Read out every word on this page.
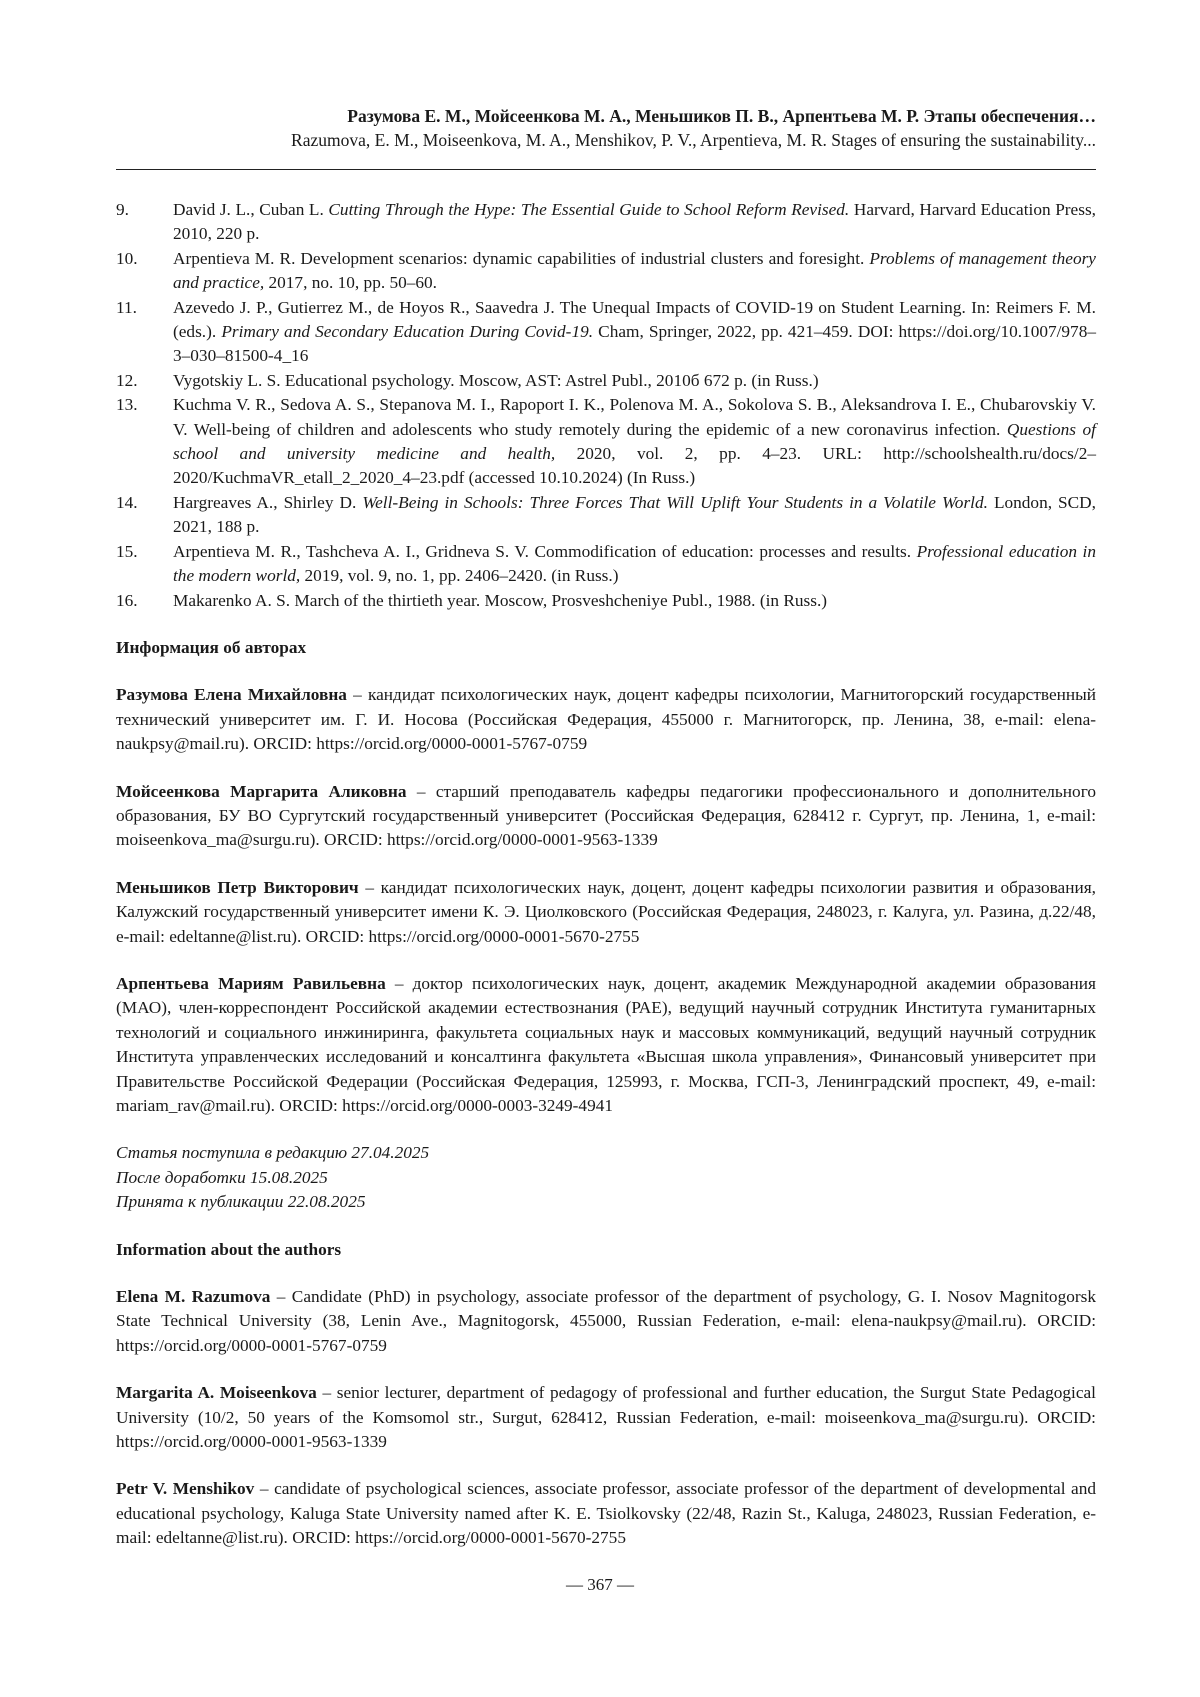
Разумова Е. М., Мойсеенкова М. А., Меньшиков П. В., Арпентьева М. Р. Этапы обеспечения…
Razumova, E. M., Moiseenkova, M. A., Menshikov, P. V., Arpentieva, M. R. Stages of ensuring the sustainability...
9.	David J. L., Cuban L. Cutting Through the Hype: The Essential Guide to School Reform Revised. Harvard, Harvard Education Press, 2010, 220 p.
10.	Arpentieva M. R. Development scenarios: dynamic capabilities of industrial clusters and foresight. Problems of management theory and practice, 2017, no. 10, pp. 50–60.
11.	Azevedo J. P., Gutierrez M., de Hoyos R., Saavedra J. The Unequal Impacts of COVID-19 on Student Learning. In: Reimers F. M. (eds.). Primary and Secondary Education During Covid-19. Cham, Springer, 2022, pp. 421–459. DOI: https://doi.org/10.1007/978–3–030–81500-4_16
12.	Vygotskiy L. S. Educational psychology. Moscow, AST: Astrel Publ., 2010б 672 p. (in Russ.)
13.	Kuchma V. R., Sedova A. S., Stepanova M. I., Rapoport I. K., Polenova M. A., Sokolova S. B., Aleksandrova I. E., Chubarovskiy V. V. Well-being of children and adolescents who study remotely during the epidemic of a new coronavirus infection. Questions of school and university medicine and health, 2020, vol. 2, pp. 4–23. URL: http://schoolshealth.ru/docs/2–2020/KuchmaVR_etall_2_2020_4–23.pdf (accessed 10.10.2024) (In Russ.)
14.	Hargreaves A., Shirley D. Well-Being in Schools: Three Forces That Will Uplift Your Students in a Volatile World. London, SCD, 2021, 188 p.
15.	Arpentieva M. R., Tashcheva A. I., Gridneva S. V. Commodification of education: processes and results. Professional education in the modern world, 2019, vol. 9, no. 1, pp. 2406–2420. (in Russ.)
16.	Makarenko A. S. March of the thirtieth year. Moscow, Prosveshcheniye Publ., 1988. (in Russ.)

Информация об авторах

Разумова Елена Михайловна – кандидат психологических наук, доцент кафедры психологии, Магнитогорский государственный технический университет им. Г. И. Носова (Российская Федерация, 455000 г. Магнитогорск, пр. Ленина, 38, e-mail: elena-naukpsy@mail.ru). ORCID: https://orcid.org/0000-0001-5767-0759

Мойсеенкова Маргарита Аликовна – старший преподаватель кафедры педагогики профессионального и дополнительного образования, БУ ВО Сургутский государственный университет (Российская Федерация, 628412 г. Сургут, пр. Ленина, 1, e-mail: moiseenkova_ma@surgu.ru). ORCID: https://orcid.org/0000-0001-9563-1339

Меньшиков Петр Викторович – кандидат психологических наук, доцент, доцент кафедры психологии развития и образования, Калужский государственный университет имени К. Э. Циолковского (Российская Федерация, 248023, г. Калуга, ул. Разина, д.22/48, e-mail: edeltanne@list.ru). ORCID: https://orcid.org/0000-0001-5670-2755

Арпентьева Мариям Равильевна – доктор психологических наук, доцент, академик Международной академии образования (МАО), член-корреспондент Российской академии естествознания (РАЕ), ведущий научный сотрудник Института гуманитарных технологий и социального инжиниринга, факультета социальных наук и массовых коммуникаций, ведущий научный сотрудник Института управленческих исследований и консалтинга факультета «Высшая школа управления», Финансовый университет при Правительстве Российской Федерации (Российская Федерация, 125993, г. Москва, ГСП-3, Ленинградский проспект, 49, e-mail: mariam_rav@mail.ru). ORCID: https://orcid.org/0000-0003-3249-4941

Статья поступила в редакцию 27.04.2025

После доработки 15.08.2025

Принята к публикации 22.08.2025

Information about the authors

Elena M. Razumova – Candidate (PhD) in psychology, associate professor of the department of psychology, G. I. Nosov Magnitogorsk State Technical University (38, Lenin Ave., Magnitogorsk, 455000, Russian Federation, e-mail: elena-naukpsy@mail.ru). ORCID: https://orcid.org/0000-0001-5767-0759

Margarita A. Moiseenkova – senior lecturer, department of pedagogy of professional and further education, the Surgut State Pedagogical University (10/2, 50 years of the Komsomol str., Surgut, 628412, Russian Federation, e-mail: moiseenkova_ma@surgu.ru). ORCID: https://orcid.org/0000-0001-9563-1339

Petr V. Menshikov – candidate of psychological sciences, associate professor, associate professor of the department of developmental and educational psychology, Kaluga State University named after K. E. Tsiolkovsky (22/48, Razin St., Kaluga, 248023, Russian Federation, e-mail: edeltanne@list.ru). ORCID: https://orcid.org/0000-0001-5670-2755

— 367 —
